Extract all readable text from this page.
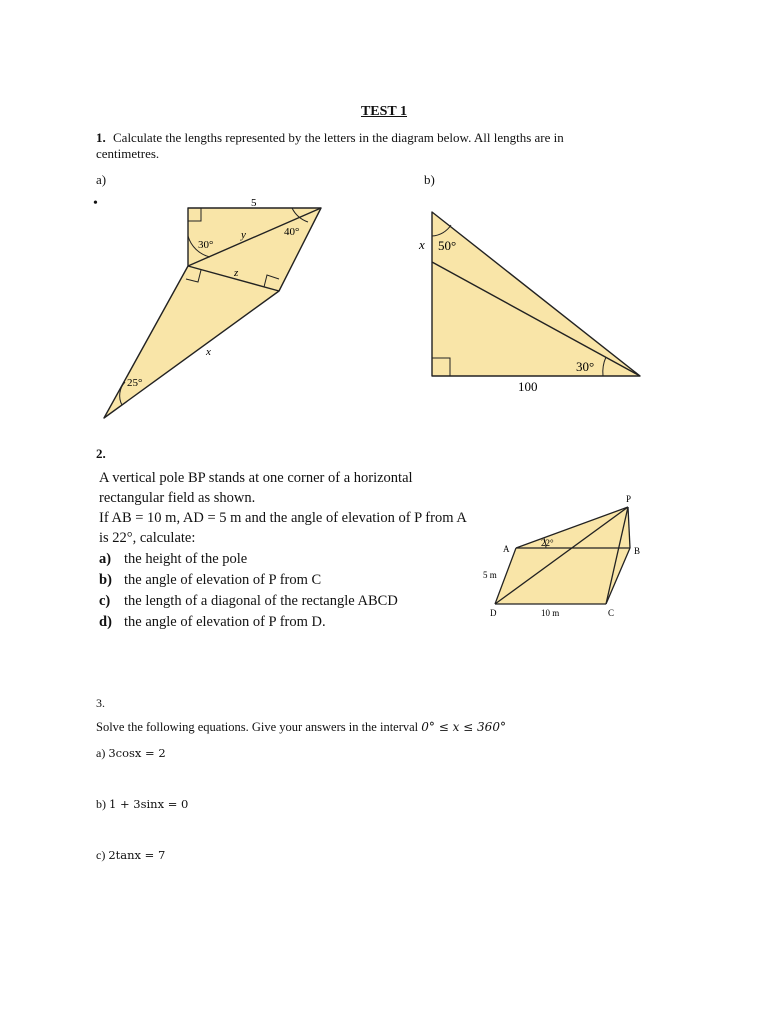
TEST 1
1. Calculate the lengths represented by the letters in the diagram below. All lengths are in centimetres.
a)	b)
•	5
y
z
x
30°
40°
25°
x 50°
30°
100
2.

A vertical pole BP stands at one corner of a horizontal rectangular field as shown.

If AB = 10 m, AD = 5 m and the angle of elevation of P from A is 22°, calculate:

a) the height of the pole
b) the angle of elevation of P from C
c) the length of a diagonal of the rectangle ABCD
d) the angle of elevation of P from D.
P
A	B
C
D
22°
5 m
10 m
3.
Solve the following equations. Give your answers in the interval 0° ≤ x ≤ 360°
a) 3cosx = 2
b) 1 + 3sinx = 0
c) 2tanx = 7
